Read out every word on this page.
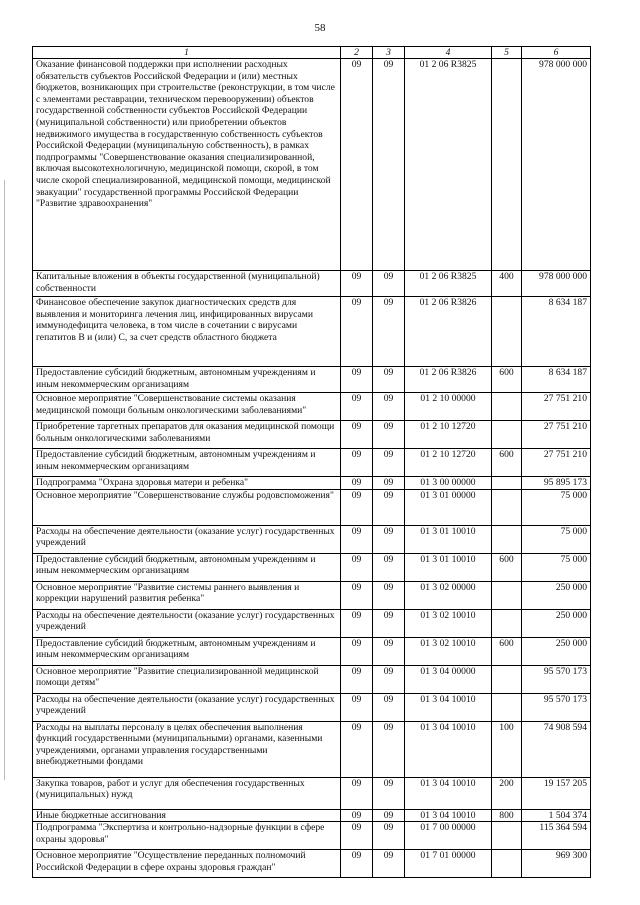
58
1	2	3	4	5	6
Оказание финансовой поддержки при исполнении расходных обязательств субъектов Российской Федерации и (или) местных бюджетов, возникающих при строительстве (реконструкции, в том числе с элементами реставрации, техническом перевооружении) объектов государственной собственности субъектов Российской Федерации (муниципальной собственности) или приобретении объектов недвижимого имущества в государственную собственность субъектов Российской Федерации (муниципальную собственность), в рамках подпрограммы "Совершенствование оказания специализированной, включая высокотехнологичную, медицинской помощи, скорой, в том числе скорой специализированной, медицинской помощи, медицинской эвакуации" государственной программы Российской Федерации "Развитие здравоохранения"	09	09	01 2 06 R3825		978 000 000
Капитальные вложения в объекты государственной (муниципальной) собственности	09	09	01 2 06 R3825	400	978 000 000
Финансовое обеспечение закупок диагностических средств для выявления и мониторинга лечения лиц, инфицированных вирусами иммунодефицита человека, в том числе в сочетании с вирусами гепатитов B и (или) C, за счет средств областного бюджета	09	09	01 2 06 R3826		8 634 187
Предоставление субсидий бюджетным, автономным учреждениям и иным некоммерческим организациям	09	09	01 2 06 R3826	600	8 634 187
Основное мероприятие "Совершенствование системы оказания медицинской помощи больным онкологическими заболеваниями"	09	09	01 2 10 00000		27 751 210
Приобретение таргетных препаратов для оказания медицинской помощи больным онкологическими заболеваниями	09	09	01 2 10 12720		27 751 210
Предоставление субсидий бюджетным, автономным учреждениям и иным некоммерческим организациям	09	09	01 2 10 12720	600	27 751 210
Подпрограмма "Охрана здоровья матери и ребенка"	09	09	01 3 00 00000		95 895 173
Основное мероприятие "Совершенствование службы родовспоможения"	09	09	01 3 01 00000		75 000
Расходы на обеспечение деятельности (оказание услуг) государственных учреждений	09	09	01 3 01 10010		75 000
Предоставление субсидий бюджетным, автономным учреждениям и иным некоммерческим организациям	09	09	01 3 01 10010	600	75 000
Основное мероприятие "Развитие системы раннего выявления и коррекции нарушений развития ребенка"	09	09	01 3 02 00000		250 000
Расходы на обеспечение деятельности (оказание услуг) государственных учреждений	09	09	01 3 02 10010		250 000
Предоставление субсидий бюджетным, автономным учреждениям и иным некоммерческим организациям	09	09	01 3 02 10010	600	250 000
Основное мероприятие "Развитие специализированной медицинской помощи детям"	09	09	01 3 04 00000		95 570 173
Расходы на обеспечение деятельности (оказание услуг) государственных учреждений	09	09	01 3 04 10010		95 570 173
Расходы на выплаты персоналу в целях обеспечения выполнения функций государственными (муниципальными) органами, казенными учреждениями, органами управления государственными внебюджетными фондами	09	09	01 3 04 10010	100	74 908 594
Закупка товаров, работ и услуг для обеспечения государственных (муниципальных) нужд	09	09	01 3 04 10010	200	19 157 205
Иные бюджетные ассигнования	09	09	01 3 04 10010	800	1 504 374
Подпрограмма "Экспертиза и контрольно-надзорные функции в сфере охраны здоровья"	09	09	01 7 00 00000		115 364 594
Основное мероприятие "Осуществление переданных полномочий Российской Федерации в сфере охраны здоровья граждан"	09	09	01 7 01 00000		969 300
